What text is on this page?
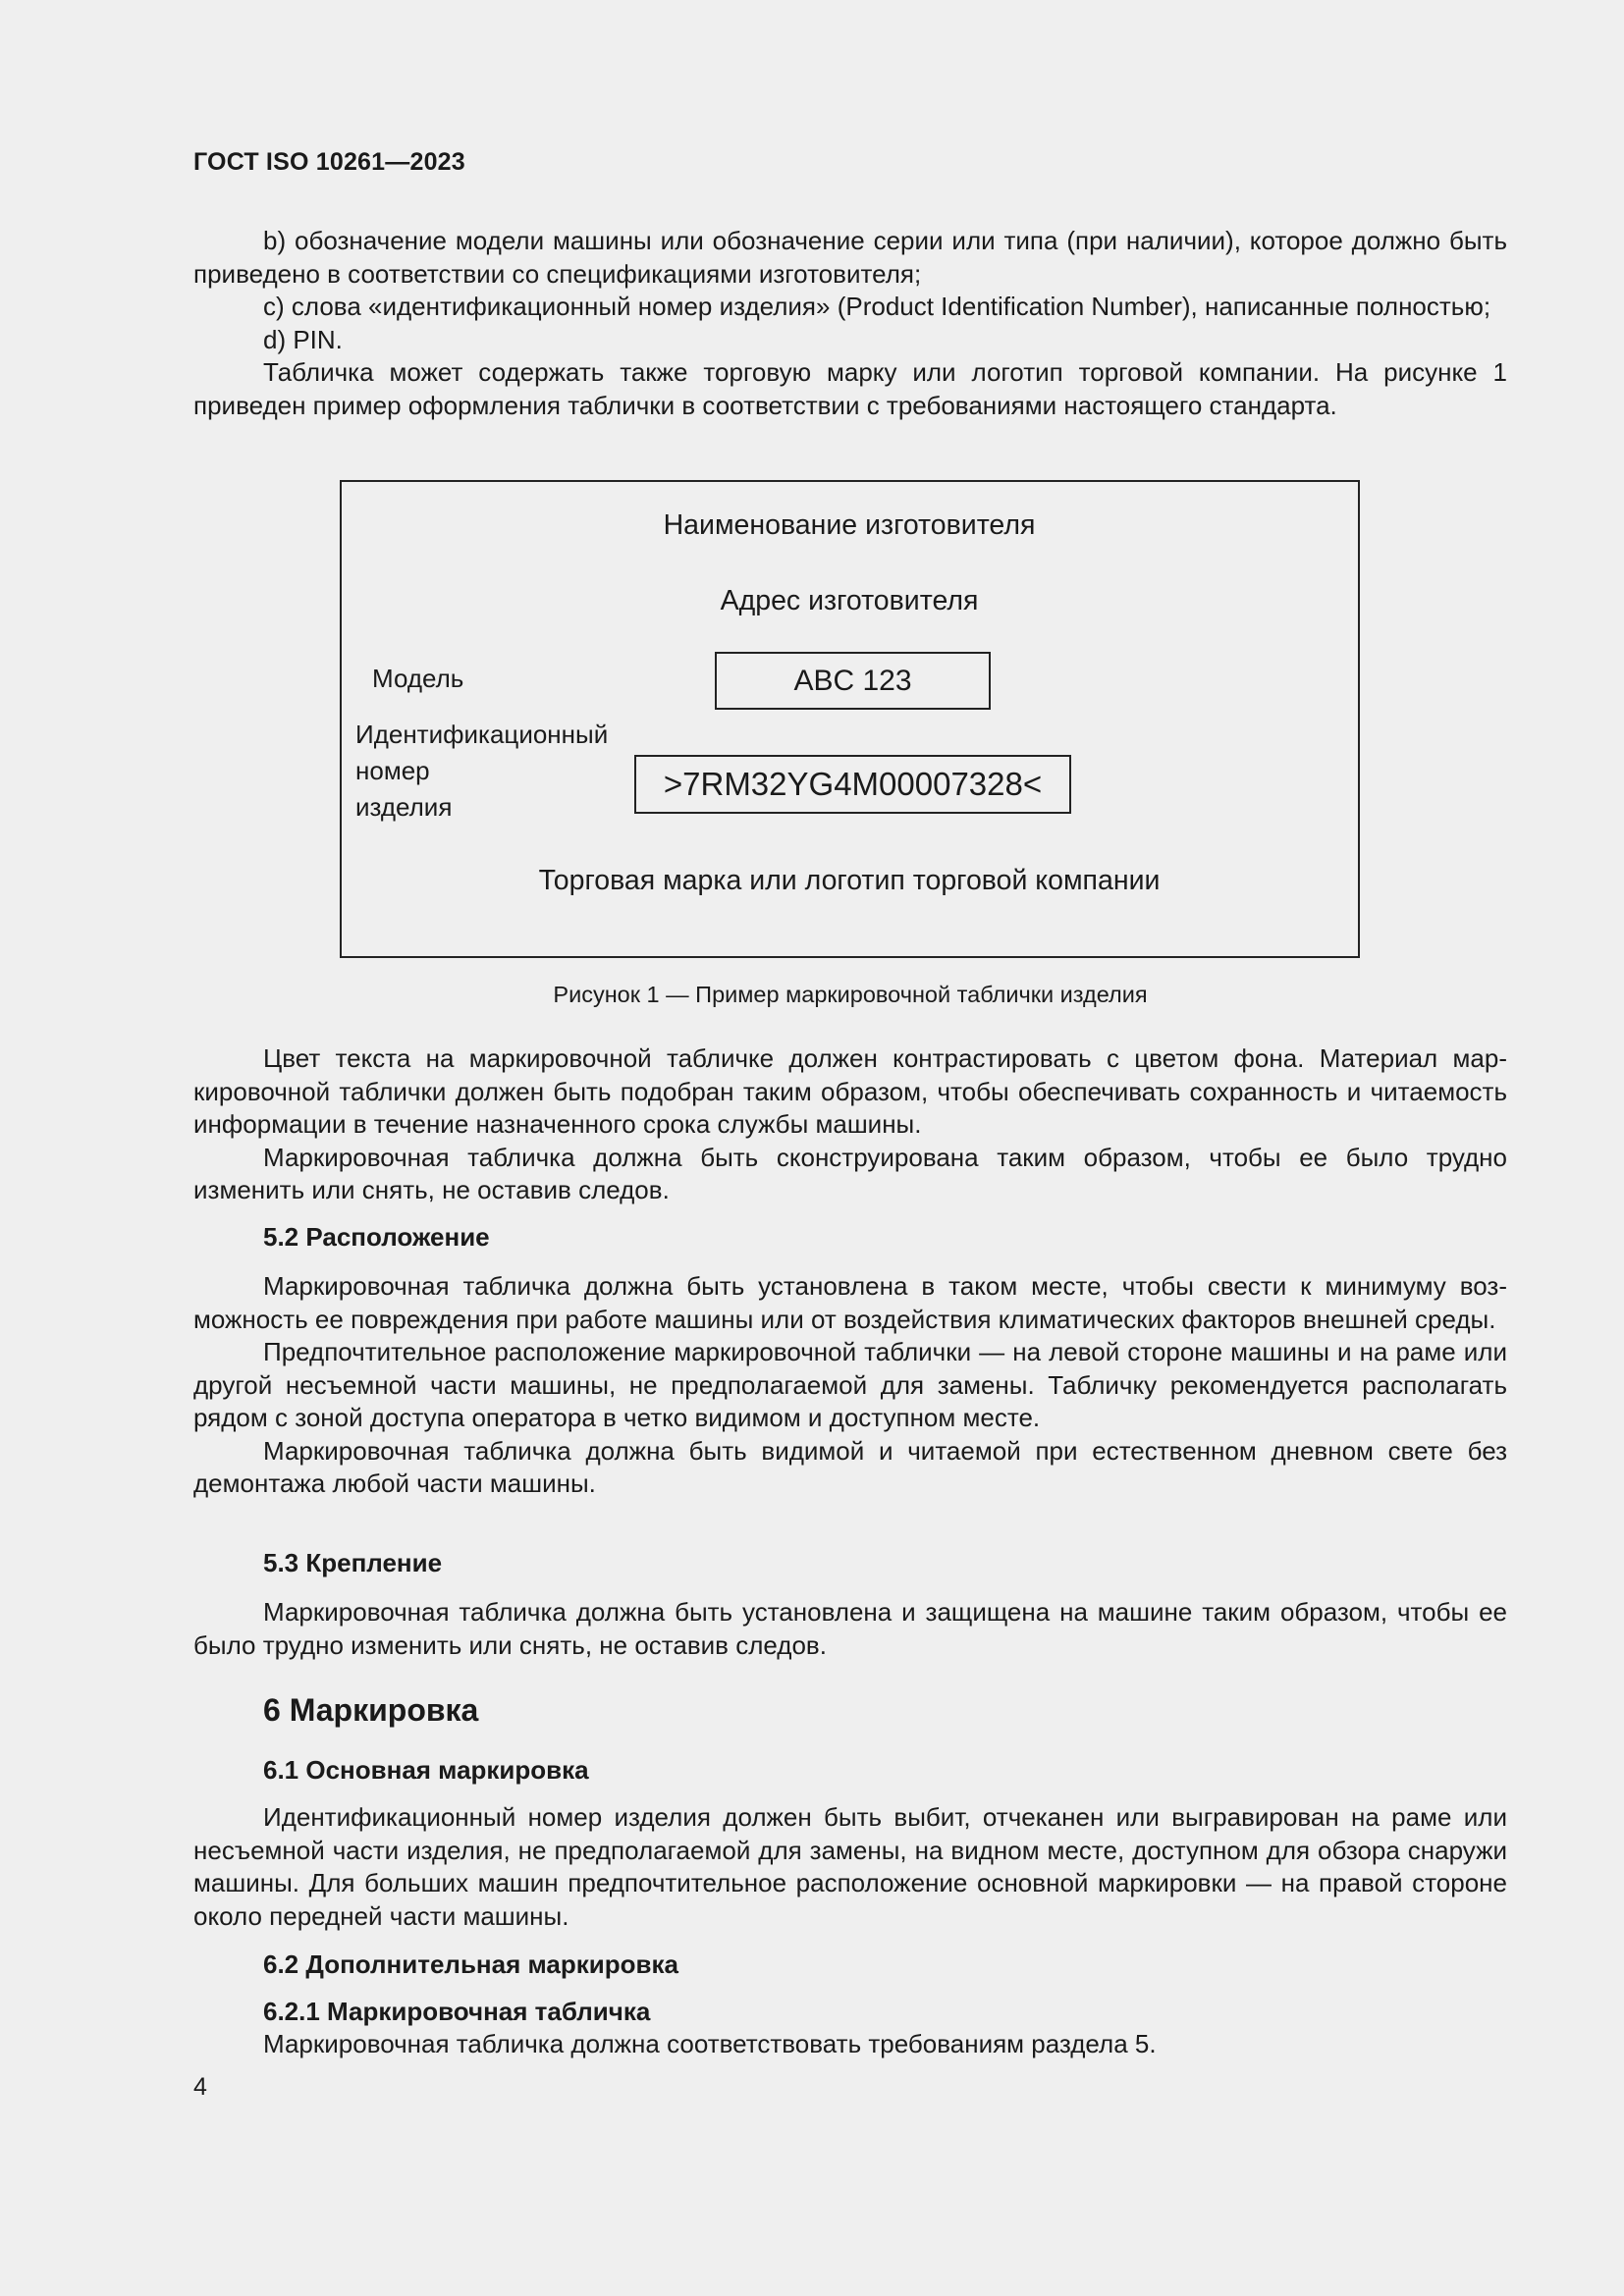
ГОСТ ISO 10261—2023

b) обозначение модели машины или обозначение серии или типа (при наличии), которое должно быть приведено в соответствии со спецификациями изготовителя;

c) слова «идентификационный номер изделия» (Product Identification Number), написанные полностью;

d) PIN.

Табличка может содержать также торговую марку или логотип торговой компании. На рисунке 1 приведен пример оформления таблички в соответствии с требованиями настоящего стандарта.

Наименование изготовителя
Адрес изготовителя
Модель	ABC 123
Идентификационный
номер
изделия
>7RM32YG4M00007328<
Торговая марка или логотип торговой компании
Рисунок 1 — Пример маркировочной таблички изделия

Цвет текста на маркировочной табличке должен контрастировать с цветом фона. Материал маркировочной таблички должен быть подобран таким образом, чтобы обеспечивать сохранность и читаемость информации в течение назначенного срока службы машины.

Маркировочная табличка должна быть сконструирована таким образом, чтобы ее было трудно изменить или снять, не оставив следов.

5.2 Расположение

Маркировочная табличка должна быть установлена в таком месте, чтобы свести к минимуму возможность ее повреждения при работе машины или от воздействия климатических факторов внешней среды.

Предпочтительное расположение маркировочной таблички — на левой стороне машины и на раме или другой несъемной части машины, не предполагаемой для замены. Табличку рекомендуется располагать рядом с зоной доступа оператора в четко видимом и доступном месте.

Маркировочная табличка должна быть видимой и читаемой при естественном дневном свете без демонтажа любой части машины.

5.3 Крепление

Маркировочная табличка должна быть установлена и защищена на машине таким образом, чтобы ее было трудно изменить или снять, не оставив следов.

6 Маркировка
6.1 Основная маркировка

Идентификационный номер изделия должен быть выбит, отчеканен или выгравирован на раме или несъемной части изделия, не предполагаемой для замены, на видном месте, доступном для обзора снаружи машины. Для больших машин предпочтительное расположение основной маркировки — на правой стороне около передней части машины.

6.2 Дополнительная маркировка
6.2.1 Маркировочная табличка

Маркировочная табличка должна соответствовать требованиям раздела 5.

4
